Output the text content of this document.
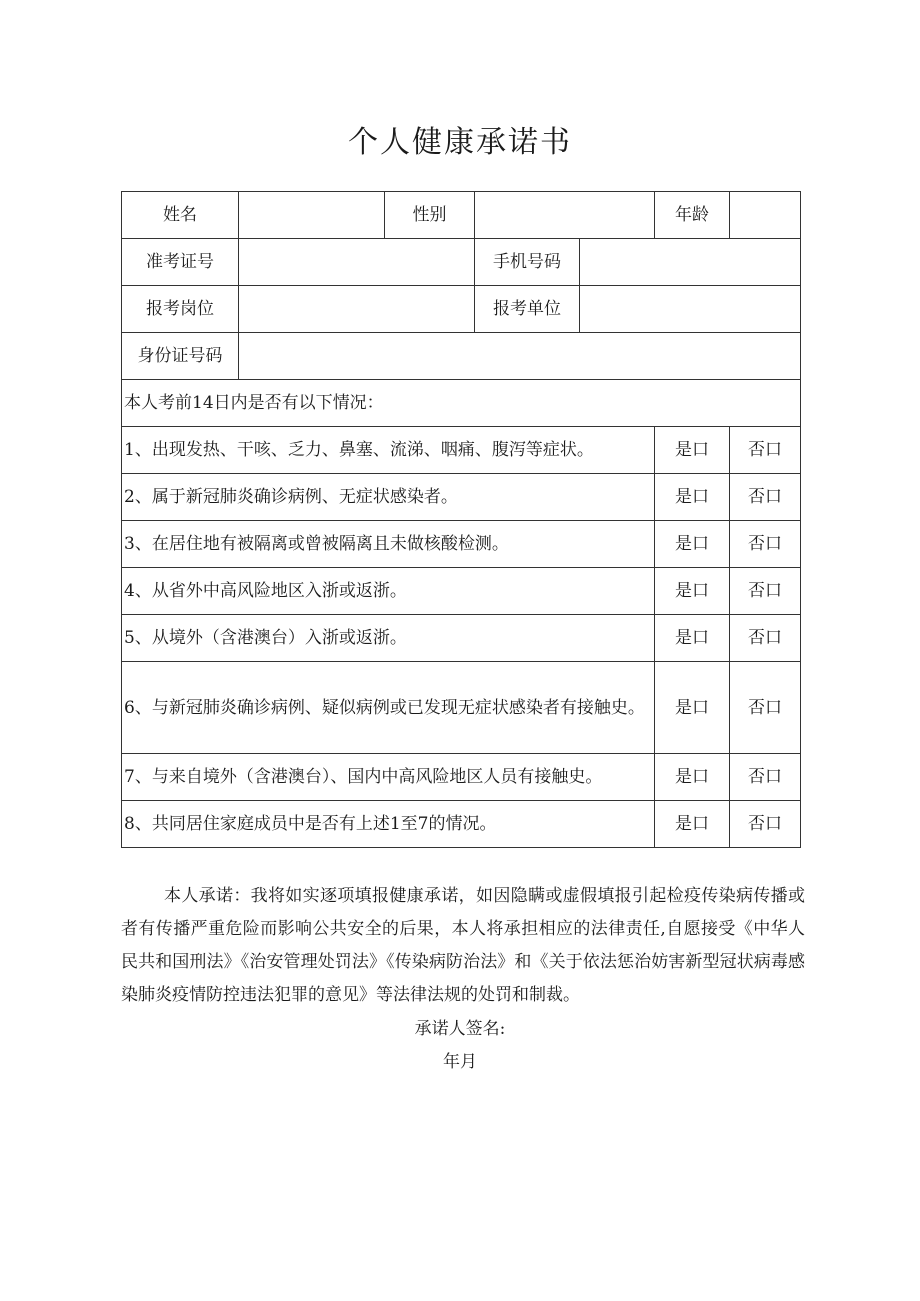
个人健康承诺书
姓名		性别			年龄	
准考证号			手机号码			
报考岗位			报考单位			
身份证号码						
本人考前14日内是否有以下情况：						
1、出现发热、干咳、乏力、鼻塞、流涕、咽痛、腹泻等症状。					是口	否口
2、属于新冠肺炎确诊病例、无症状感染者。					是口	否口
3、在居住地有被隔离或曾被隔离且未做核酸检测。					是口	否口
4、从省外中高风险地区入浙或返浙。					是口	否口
5、从境外（含港澳台）入浙或返浙。					是口	否口
6、与新冠肺炎确诊病例、疑似病例或已发现无症状感染者有接触史。					是口	否口
7、与来自境外（含港澳台）、国内中高风险地区人员有接触史。					是口	否口
8、共同居住家庭成员中是否有上述1至7的情况。					是口	否口

本人承诺：我将如实逐项填报健康承诺，如因隐瞒或虚假填报引起检疫传染病传播或者有传播严重危险而影响公共安全的后果，本人将承担相应的法律责任,自愿接受《中华人民共和国刑法》《治安管理处罚法》《传染病防治法》和《关于依法惩治妨害新型冠状病毒感染肺炎疫情防控违法犯罪的意见》等法律法规的处罚和制裁。

承诺人签名:
年月
